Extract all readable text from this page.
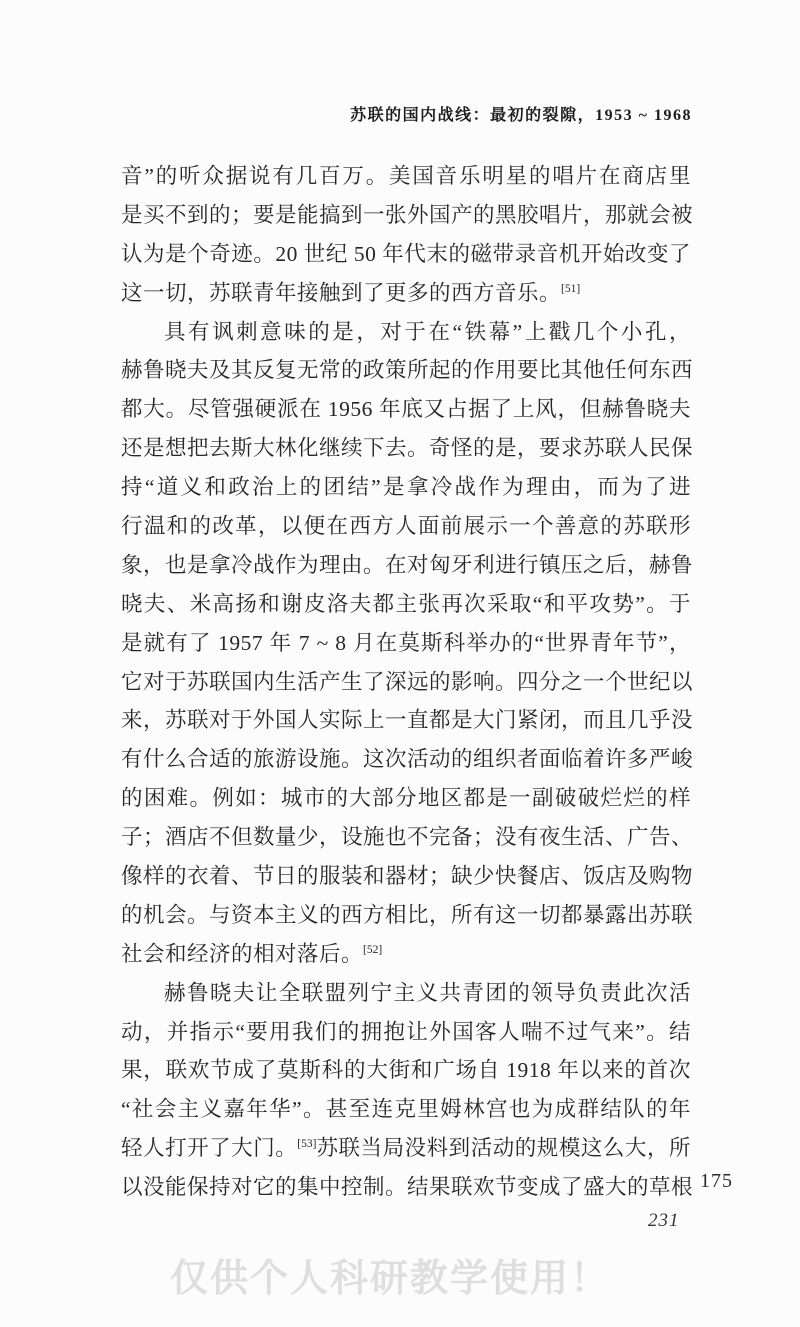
苏联的国内战线：最初的裂隙，1953 ~ 1968
音”的听众据说有几百万。美国音乐明星的唱片在商店里
是买不到的；要是能搞到一张外国产的黑胶唱片，那就会被
认为是个奇迹。20 世纪 50 年代末的磁带录音机开始改变了
这一切，苏联青年接触到了更多的西方音乐。[51]
具有讽刺意味的是，对于在“铁幕”上戳几个小孔，
赫鲁晓夫及其反复无常的政策所起的作用要比其他任何东西
都大。尽管强硬派在 1956 年底又占据了上风，但赫鲁晓夫
还是想把去斯大林化继续下去。奇怪的是，要求苏联人民保
持“道义和政治上的团结”是拿冷战作为理由，而为了进
行温和的改革，以便在西方人面前展示一个善意的苏联形
象，也是拿冷战作为理由。在对匈牙利进行镇压之后，赫鲁
晓夫、米高扬和谢皮洛夫都主张再次采取“和平攻势”。于
是就有了 1957 年 7 ~ 8 月在莫斯科举办的“世界青年节”，
它对于苏联国内生活产生了深远的影响。四分之一个世纪以
来，苏联对于外国人实际上一直都是大门紧闭，而且几乎没
有什么合适的旅游设施。这次活动的组织者面临着许多严峻
的困难。例如：城市的大部分地区都是一副破破烂烂的样
子；酒店不但数量少，设施也不完备；没有夜生活、广告、
像样的衣着、节日的服装和器材；缺少快餐店、饭店及购物
的机会。与资本主义的西方相比，所有这一切都暴露出苏联
社会和经济的相对落后。[52]
赫鲁晓夫让全联盟列宁主义共青团的领导负责此次活
动，并指示“要用我们的拥抱让外国客人喘不过气来”。结
果，联欢节成了莫斯科的大街和广场自 1918 年以来的首次
“社会主义嘉年华”。甚至连克里姆林宫也为成群结队的年
轻人打开了大门。[53]苏联当局没料到活动的规模这么大，所
以没能保持对它的集中控制。结果联欢节变成了盛大的草根 175
231
仅供个人科研教学使用！
